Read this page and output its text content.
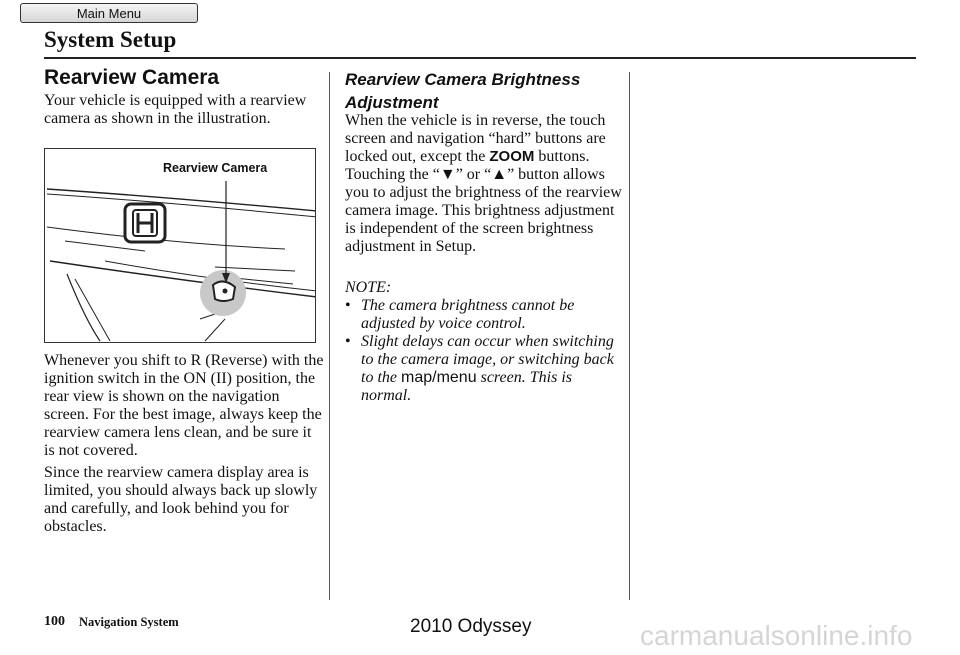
Main Menu
System Setup
Rearview Camera
Your vehicle is equipped with a rearview camera as shown in the illustration.
Rearview Camera
Whenever you shift to R (Reverse) with the ignition switch in the ON (II) position, the rear view is shown on the navigation screen. For the best image, always keep the rearview camera lens clean, and be sure it is not covered.
Since the rearview camera display area is limited, you should always back up slowly and carefully, and look behind you for obstacles.
Rearview Camera Brightness Adjustment
When the vehicle is in reverse, the touch screen and navigation “hard” buttons are locked out, except the ZOOM buttons. Touching the “▼” or “▲” button allows you to adjust the brightness of the rearview camera image. This brightness adjustment is independent of the screen brightness adjustment in Setup.
NOTE:

• The camera brightness cannot be adjusted by voice control.

• Slight delays can occur when switching to the camera image, or switching back to the map/menu screen. This is normal.

100 Navigation System	2010 Odyssey	carmanualsonline.info
